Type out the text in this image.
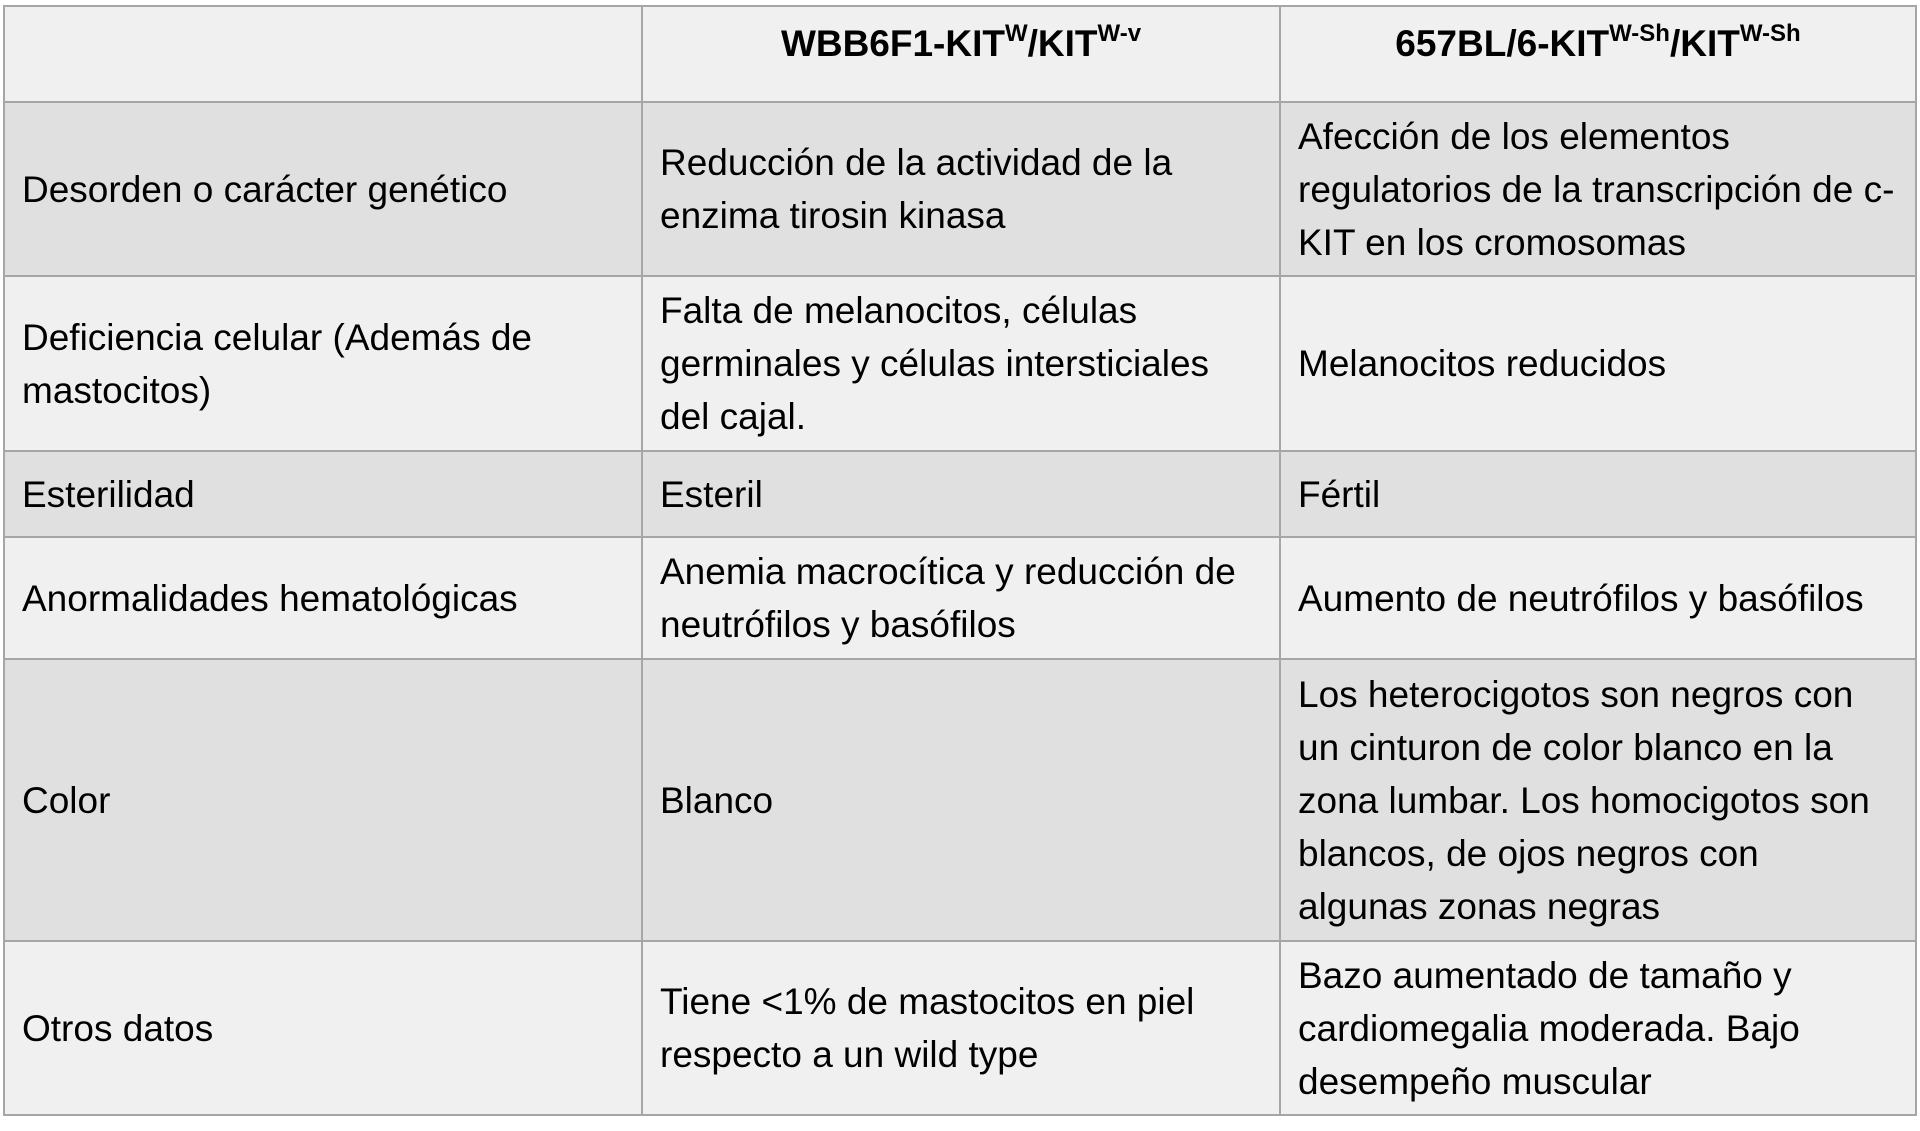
	$WBB6F1-KIT^W/KIT^{W-v}$	$657BL/6-KIT^{W-Sh}/KIT^{W-Sh}$
Desorden o carácter genético	Reducción de la actividad de la enzima tirosin kinasa	Afección de los elementos regulatorios de la transcripción de c-KIT en los cromosomas
Deficiencia celular (Además de mastocitos)	Falta de melanocitos, células germinales y células intersticiales del cajal.	Melanocitos reducidos
Esterilidad	Esteril	Fértil
Anormalidades hematológicas	Anemia macrocítica y reducción de neutrófilos y basófilos	Aumento de neutrófilos y basófilos
Color	Blanco	Los heterocigotos son negros con un cinturon de color blanco en la zona lumbar. Los homocigotos son blancos, de ojos negros con algunas zonas negras
Otros datos	Tiene <1% de mastocitos en piel respecto a un wild type	Bazo aumentado de tamaño y cardiomegalia moderada. Bajo desempeño muscular
